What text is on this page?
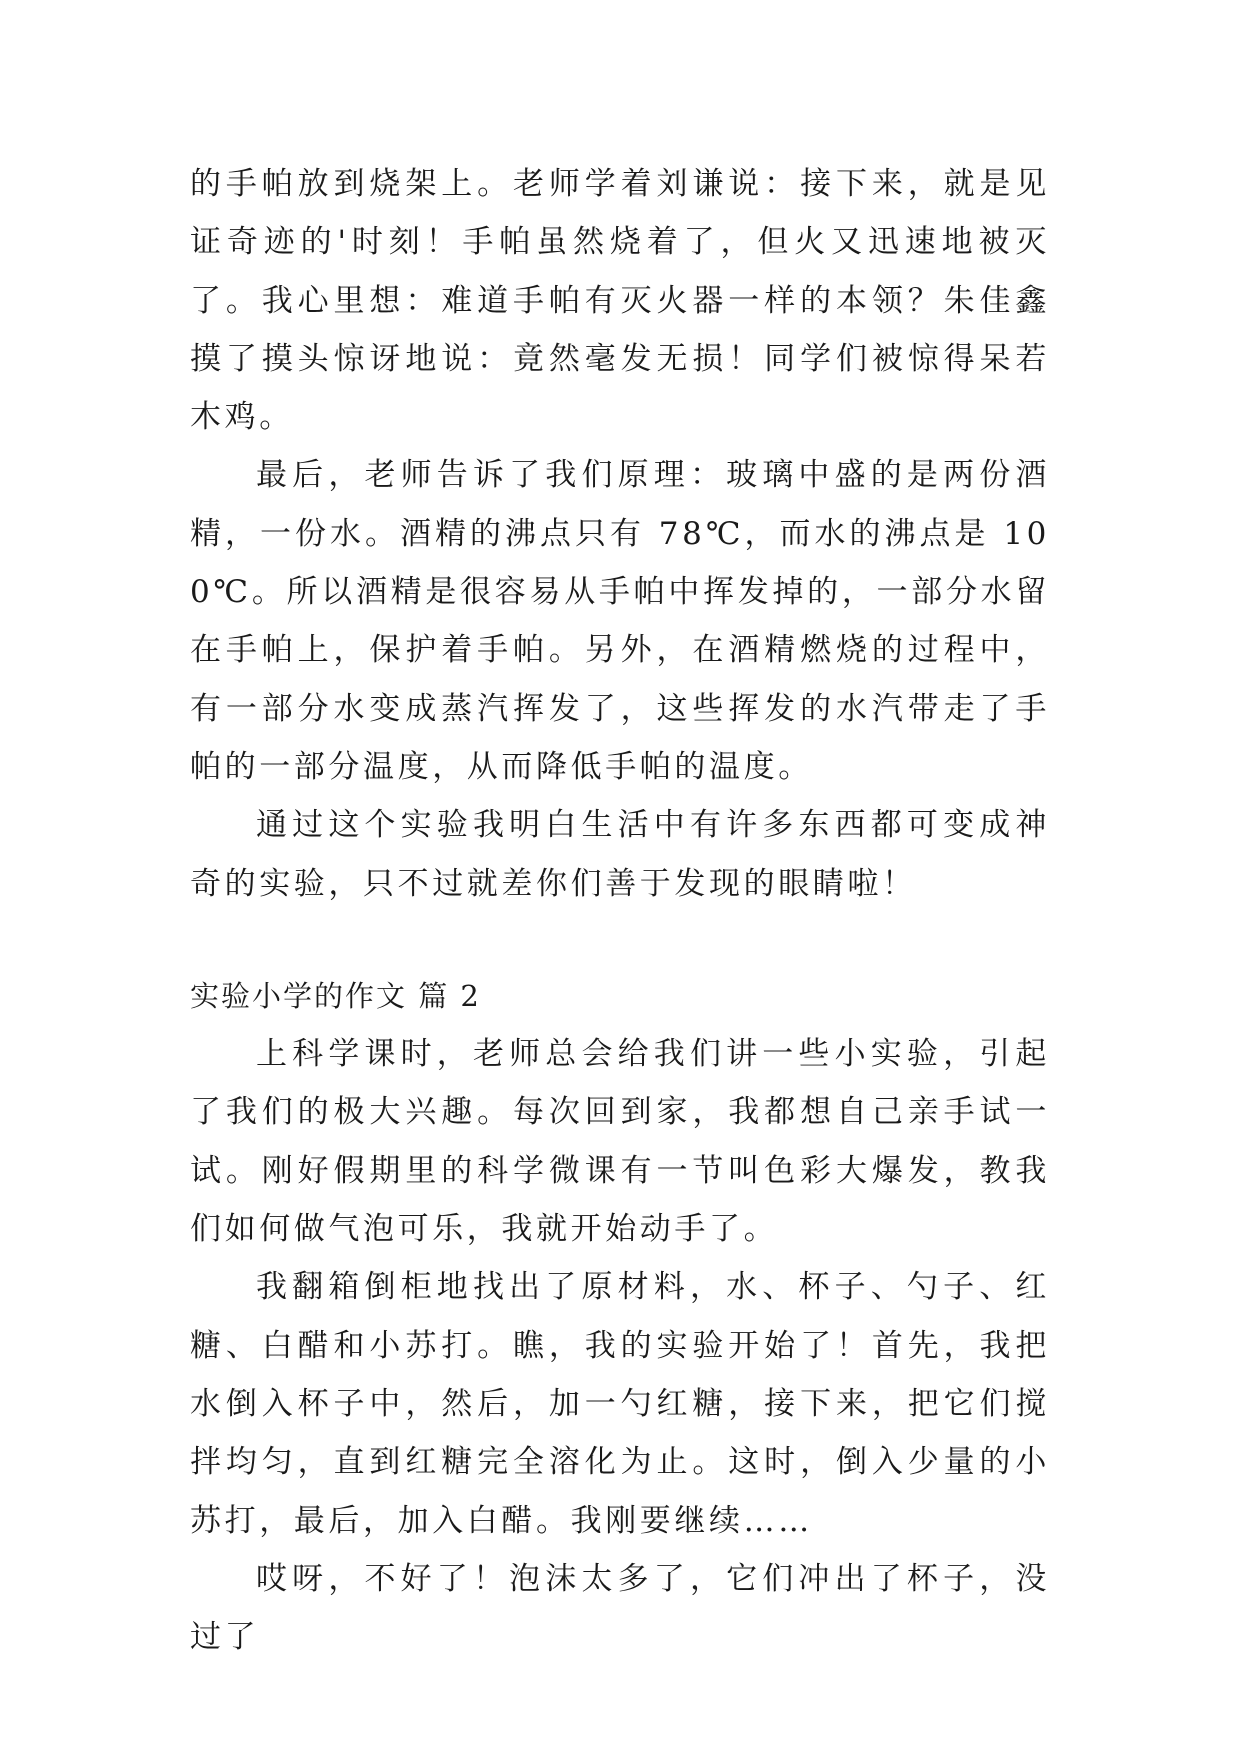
的手帕放到烧架上。老师学着刘谦说：接下来，就是见证奇迹的'时刻！手帕虽然烧着了，但火又迅速地被灭了。我心里想：难道手帕有灭火器一样的本领？朱佳鑫摸了摸头惊讶地说：竟然毫发无损！同学们被惊得呆若木鸡。

最后，老师告诉了我们原理：玻璃中盛的是两份酒精，一份水。酒精的沸点只有 78℃，而水的沸点是 100℃。所以酒精是很容易从手帕中挥发掉的，一部分水留在手帕上，保护着手帕。另外，在酒精燃烧的过程中，有一部分水变成蒸汽挥发了，这些挥发的水汽带走了手帕的一部分温度，从而降低手帕的温度。

通过这个实验我明白生活中有许多东西都可变成神奇的实验，只不过就差你们善于发现的眼睛啦！

实验小学的作文 篇 2

上科学课时，老师总会给我们讲一些小实验，引起了我们的极大兴趣。每次回到家，我都想自己亲手试一试。刚好假期里的科学微课有一节叫色彩大爆发，教我们如何做气泡可乐，我就开始动手了。

我翻箱倒柜地找出了原材料，水、杯子、勺子、红糖、白醋和小苏打。瞧，我的实验开始了！首先，我把水倒入杯子中，然后，加一勺红糖，接下来，把它们搅拌均匀，直到红糖完全溶化为止。这时，倒入少量的小苏打，最后，加入白醋。我刚要继续……

哎呀，不好了！泡沫太多了，它们冲出了杯子，没过了
